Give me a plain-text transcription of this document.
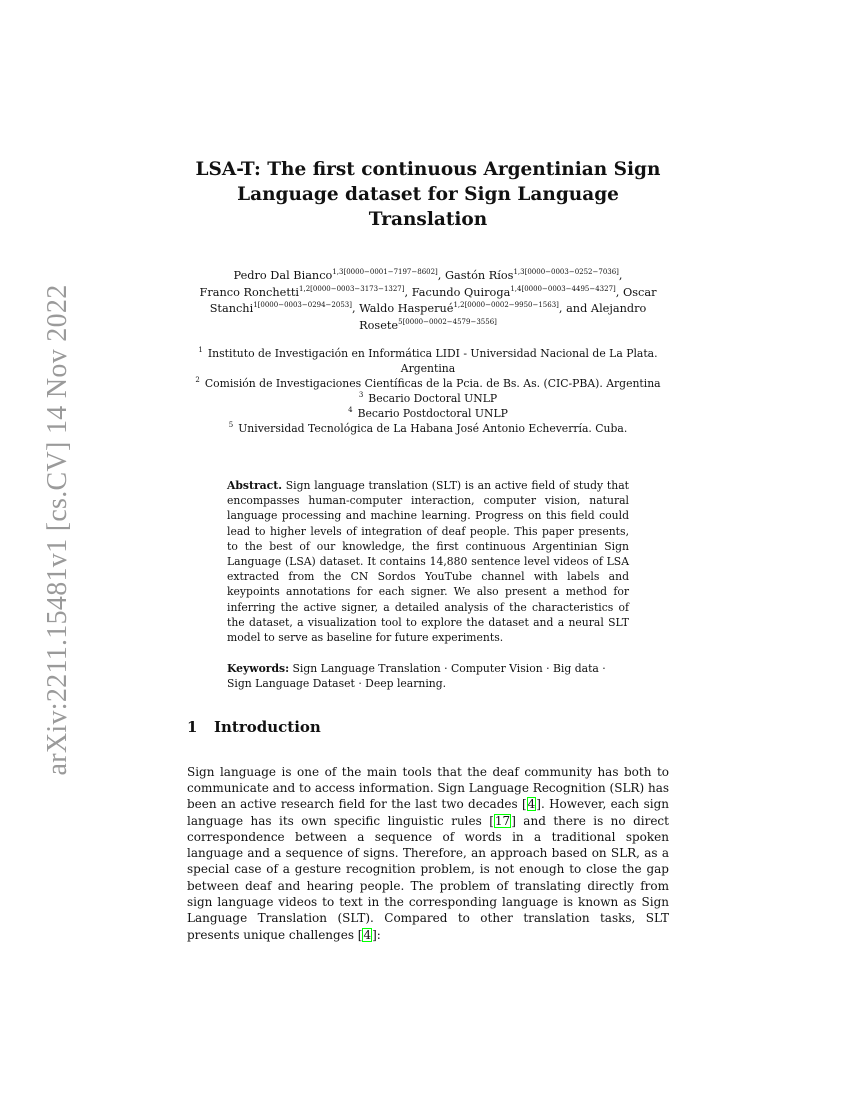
arXiv:2211.15481v1 [cs.CV] 14 Nov 2022
LSA-T: The first continuous Argentinian Sign
Language dataset for Sign Language Translation
Pedro Dal Bianco$^{1,3[0000-0001-7197-8602]}$, Gastón Ríos$^{1,3[0000-0003-0252-7036]}$,
Franco Ronchetti$^{1,2[0000-0003-3173-1327]}$, Facundo Quiroga$^{1,4[0000-0003-4495-4327]}$, Oscar Stanchi$^{1[0000-0003-0294-2053]}$, Waldo Hasperué$^{1,2[0000-0002-9950-1563]}$, and Alejandro Rosete$^{5[0000-0002-4579-3556]}$
$^1$ Instituto de Investigación en Informática LIDI - Universidad Nacional de La Plata. Argentina
$^2$ Comisión de Investigaciones Científicas de la Pcia. de Bs. As. (CIC-PBA). Argentina
$^3$ Becario Doctoral UNLP
$^4$ Becario Postdoctoral UNLP
$^5$ Universidad Tecnológica de La Habana José Antonio Echeverría. Cuba.
Abstract. Sign language translation (SLT) is an active field of study that encompasses human-computer interaction, computer vision, natural language processing and machine learning. Progress on this field could lead to higher levels of integration of deaf people. This paper presents, to the best of our knowledge, the first continuous Argentinian Sign Language (LSA) dataset. It contains 14,880 sentence level videos of LSA extracted from the CN Sordos YouTube channel with labels and keypoints annotations for each signer. We also present a method for inferring the active signer, a detailed analysis of the characteristics of the dataset, a visualization tool to explore the dataset and a neural SLT model to serve as baseline for future experiments.
Keywords: Sign Language Translation · Computer Vision · Big data · Sign Language Dataset · Deep learning.
1 Introduction
Sign language is one of the main tools that the deaf community has both to communicate and to access information. Sign Language Recognition (SLR) has been an active research field for the last two decades [4]. However, each sign language has its own specific linguistic rules [17] and there is no direct correspondence between a sequence of words in a traditional spoken language and a sequence of signs. Therefore, an approach based on SLR, as a special case of a gesture recognition problem, is not enough to close the gap between deaf and hearing people. The problem of translating directly from sign language videos to text in the corresponding language is known as Sign Language Translation (SLT). Compared to other translation tasks, SLT presents unique challenges [4]:
